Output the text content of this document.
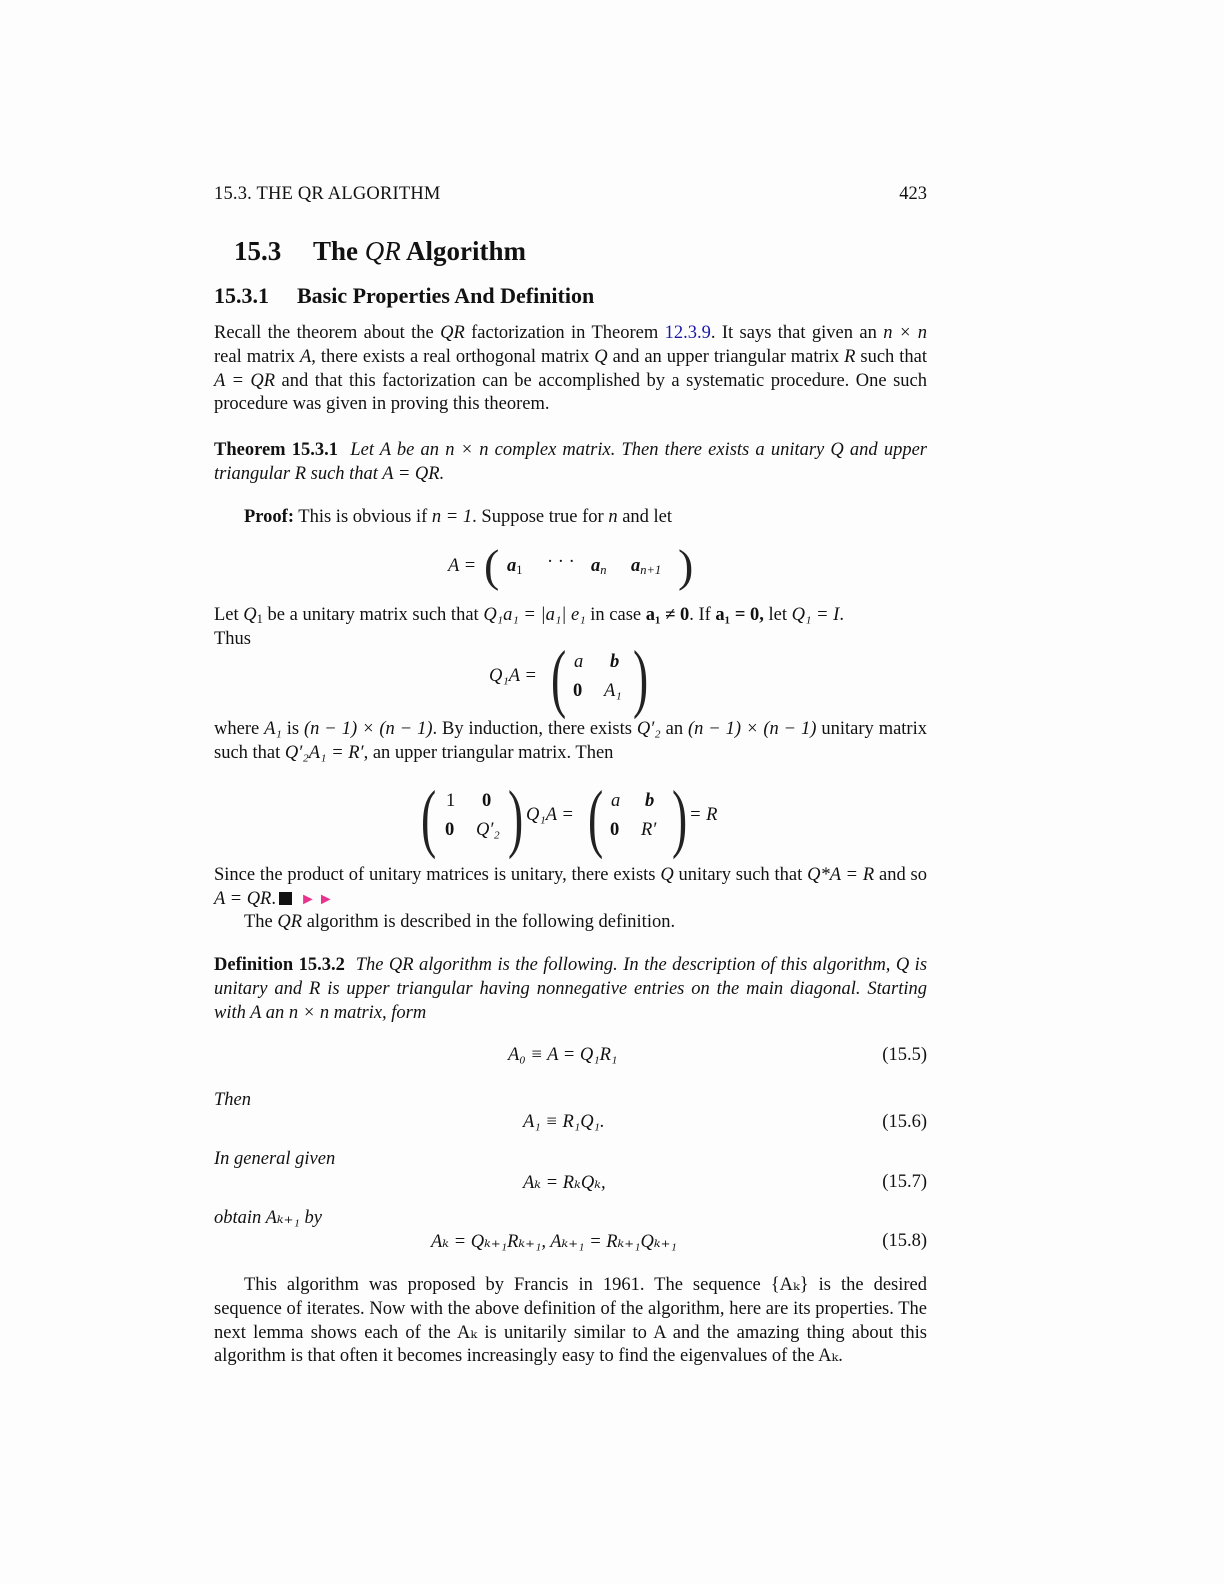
15.3. THE QR ALGORITHM	423
15.3 The QR Algorithm
15.3.1 Basic Properties And Definition
Recall the theorem about the QR factorization in Theorem 12.3.9. It says that given an n × n real matrix A, there exists a real orthogonal matrix Q and an upper triangular matrix R such that A = QR and that this factorization can be accomplished by a systematic procedure. One such procedure was given in proving this theorem.
Theorem 15.3.1 Let A be an n × n complex matrix. Then there exists a unitary Q and upper triangular R such that A = QR.
Proof: This is obvious if n = 1. Suppose true for n and let
A = ( $a_1$ · · · $a_n$ $a_{n+1}$ )
Let $Q_1$ be a unitary matrix such that Q₁a₁ = |a₁| e₁ in case a₁ ≠ 0. If a₁ = 0, let Q₁ = I.
Thus
Q₁A = ( a b
0 A₁ )
where A₁ is (n − 1) × (n − 1). By induction, there exists Q′₂ an (n − 1) × (n − 1) unitary matrix such that Q′₂A₁ = R′, an upper triangular matrix. Then
( 1 0
0 Q′₂ ) Q₁A = ( a b
0 R′ ) = R
Since the product of unitary matrices is unitary, there exists Q unitary such that Q*A = R and so A = QR. ►►
The QR algorithm is described in the following definition.
Definition 15.3.2 The QR algorithm is the following. In the description of this algorithm, Q is unitary and R is upper triangular having nonnegative entries on the main diagonal. Starting with A an n × n matrix, form
A₀ ≡ A = Q₁R₁	(15.5)
Then
A₁ ≡ R₁Q₁.	(15.6)
In general given
Aₖ = RₖQₖ,	(15.7)
obtain Aₖ₊₁ by
Aₖ = Qₖ₊₁Rₖ₊₁, Aₖ₊₁ = Rₖ₊₁Qₖ₊₁	(15.8)
This algorithm was proposed by Francis in 1961. The sequence {Aₖ} is the desired sequence of iterates. Now with the above definition of the algorithm, here are its properties. The next lemma shows each of the Aₖ is unitarily similar to A and the amazing thing about this algorithm is that often it becomes increasingly easy to find the eigenvalues of the Aₖ.
